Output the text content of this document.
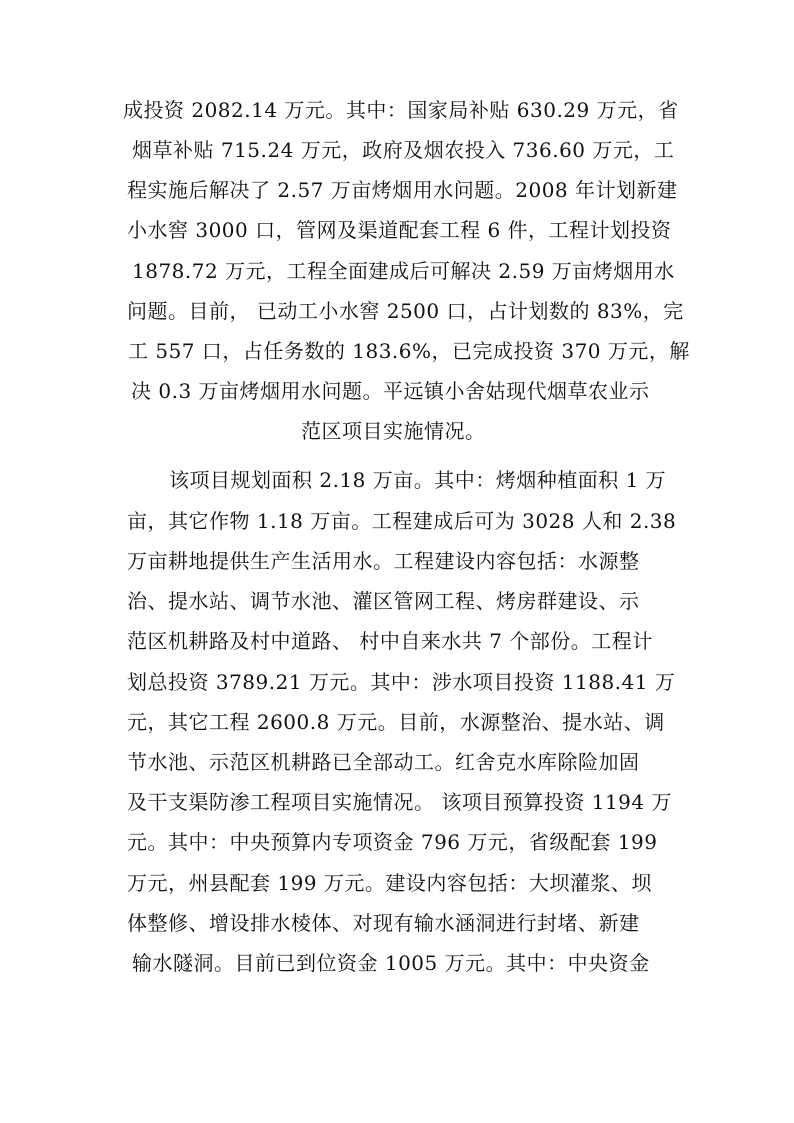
成投资 2082.14 万元。其中：国家局补贴 630.29 万元，省
烟草补贴 715.24 万元，政府及烟农投入 736.60 万元，工
程实施后解决了 2.57 万亩烤烟用水问题。2008 年计划新建
小水窖 3000 口，管网及渠道配套工程 6 件，工程计划投资
1878.72 万元，工程全面建成后可解决 2.59 万亩烤烟用水
问题。目前， 已动工小水窖 2500 口，占计划数的 83%，完
工 557 口，占任务数的 183.6%，已完成投资 370 万元，解
决 0.3 万亩烤烟用水问题。平远镇小舍姑现代烟草农业示
范区项目实施情况。
该项目规划面积 2.18 万亩。其中：烤烟种植面积 1 万
亩，其它作物 1.18 万亩。工程建成后可为 3028 人和 2.38
万亩耕地提供生产生活用水。工程建设内容包括：水源整
治、提水站、调节水池、灌区管网工程、烤房群建设、示
范区机耕路及村中道路、 村中自来水共 7 个部份。工程计
划总投资 3789.21 万元。其中：涉水项目投资 1188.41 万
元，其它工程 2600.8 万元。目前，水源整治、提水站、调
节水池、示范区机耕路已全部动工。红舍克水库除险加固
及干支渠防渗工程项目实施情况。 该项目预算投资 1194 万
元。其中：中央预算内专项资金 796 万元，省级配套 199
万元，州县配套 199 万元。建设内容包括：大坝灌浆、坝
体整修、增设排水棱体、对现有输水涵洞进行封堵、新建
输水隧洞。目前已到位资金 1005 万元。其中：中央资金
